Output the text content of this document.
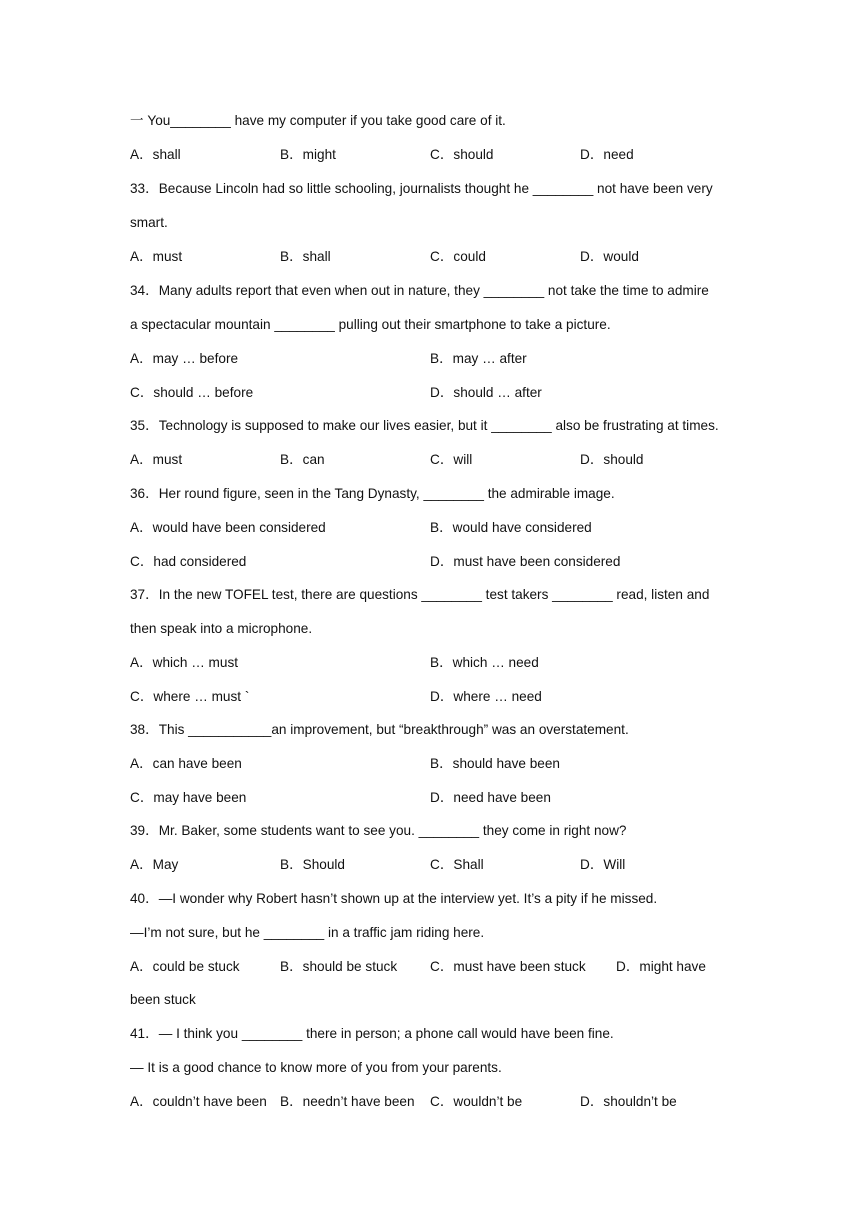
一 You________ have my computer if you take good care of it.
A．shall	B．might	C．should	D．need
33．Because Lincoln had so little schooling, journalists thought he ________ not have been very
smart.
A．must	B．shall	C．could	D．would
34．Many adults report that even when out in nature, they ________ not take the time to admire
a spectacular mountain ________ pulling out their smartphone to take a picture.
A．may … before	B．may … after
C．should … before	D．should … after
35．Technology is supposed to make our lives easier, but it ________ also be frustrating at times.
A．must	B．can	C．will	D．should
36．Her round figure, seen in the Tang Dynasty, ________ the admirable image.
A．would have been considered	B．would have considered
C．had considered	D．must have been considered
37．In the new TOFEL test, there are questions ________ test takers ________ read, listen and
then speak into a microphone.
A．which … must	B．which … need
C．where … must `	D．where … need
38．This ___________an improvement, but “breakthrough” was an overstatement.
A．can have been	B．should have been
C．may have been	D．need have been
39．Mr. Baker, some students want to see you. ________ they come in right now?
A．May	B．Should	C．Shall	D．Will
40．—I wonder why Robert hasn’t shown up at the interview yet. It’s a pity if he missed.
—I’m not sure, but he ________ in a traffic jam riding here.
A．could be stuck	B．should be stuck C．must have been stuck D．might have
been stuck
41．— I think you ________ there in person; a phone call would have been fine.
— It is a good chance to know more of you from your parents.
A．couldn’t have been B．needn’t have been C．wouldn’t be	D．shouldn’t be
